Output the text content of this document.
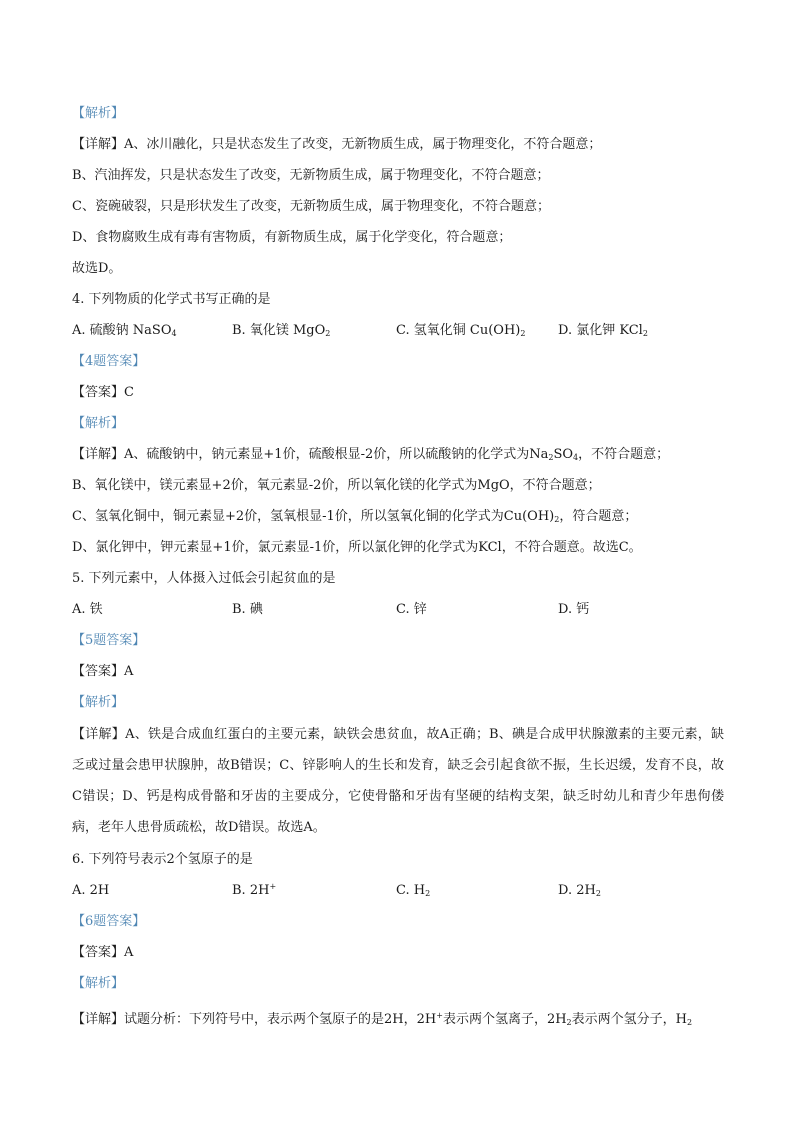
【解析】
【详解】A、冰川融化，只是状态发生了改变，无新物质生成，属于物理变化，不符合题意；
B、汽油挥发，只是状态发生了改变，无新物质生成，属于物理变化，不符合题意；
C、瓷碗破裂，只是形状发生了改变，无新物质生成，属于物理变化，不符合题意；
D、食物腐败生成有毒有害物质，有新物质生成，属于化学变化，符合题意；
故选D。
4. 下列物质的化学式书写正确的是
A. 硫酸钠 NaSO$_4$	B. 氧化镁 MgO$_2$	C. 氢氧化铜 $Cu(OH)_2$	D. 氯化钾 KCl$_2$
【4题答案】
【答案】C
【解析】
【详解】A、硫酸钠中，钠元素显+1价，硫酸根显-2价，所以硫酸钠的化学式为$Na_2SO_4$，不符合题意；
B、氧化镁中，镁元素显+2价，氧元素显-2价，所以氧化镁的化学式为MgO，不符合题意；
C、氢氧化铜中，铜元素显+2价，氢氧根显-1价，所以氢氧化铜的化学式为$Cu(OH)_2$，符合题意；
D、氯化钾中，钾元素显+1价，氯元素显-1价，所以氯化钾的化学式为KCl，不符合题意。故选C。
5. 下列元素中，人体摄入过低会引起贫血的是
A. 铁	B. 碘	C. 锌	D. 钙
【5题答案】
【答案】A
【解析】
【详解】A、铁是合成血红蛋白的主要元素，缺铁会患贫血，故A正确；B、碘是合成甲状腺激素的主要元素，缺乏或过量会患甲状腺肿，故B错误；C、锌影响人的生长和发育，缺乏会引起食欲不振，生长迟缓，发育不良，故C错误；D、钙是构成骨骼和牙齿的主要成分，它使骨骼和牙齿有坚硬的结构支架，缺乏时幼儿和青少年患佝偻病，老年人患骨质疏松，故D错误。故选A。
6. 下列符号表示2个氢原子的是
A. 2H	B. 2H+	C. $H_2$	D. $2H_2$
【6题答案】
【答案】A
【解析】
【详解】试题分析：下列符号中，表示两个氢原子的是2H，2H+表示两个氢离子，$2H_2$表示两个氢分子，$H_2$
